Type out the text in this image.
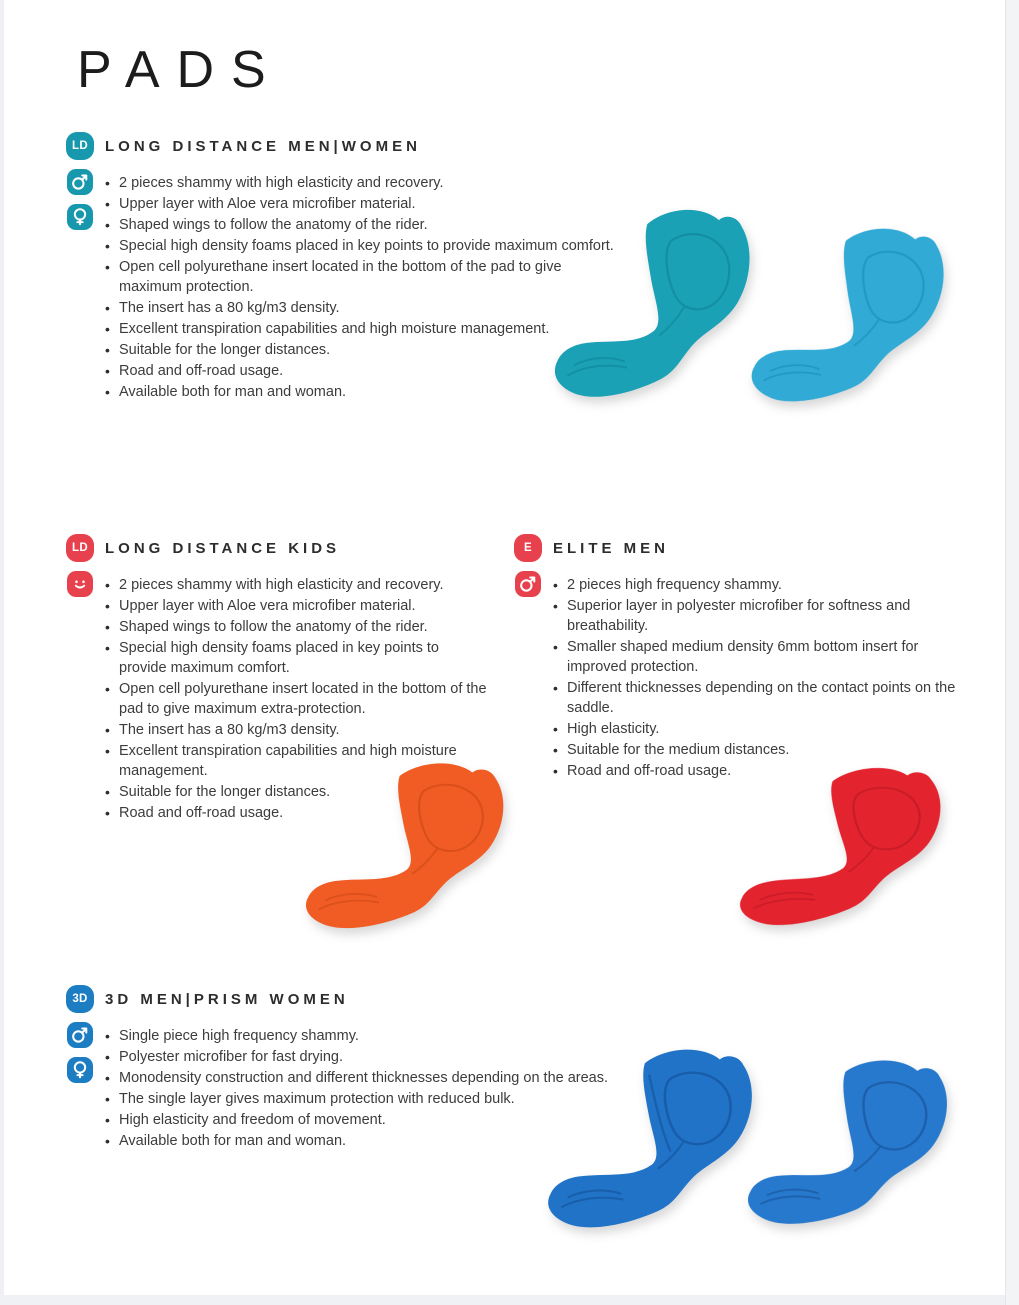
PADS
LD	LONG DISTANCE MEN|WOMEN
• 2 pieces shammy with high elasticity and recovery.
• Upper layer with Aloe vera microfiber material.
• Shaped wings to follow the anatomy of the rider.
• Special high density foams placed in key points to provide maximum comfort.
• Open cell polyurethane insert located in the bottom of the pad to give maximum protection.
• The insert has a 80 kg/m3 density.
• Excellent transpiration capabilities and high moisture management.
• Suitable for the longer distances.
• Road and off-road usage.
• Available both for man and woman.
LD	LONG DISTANCE KIDS
• 2 pieces shammy with high elasticity and recovery.
• Upper layer with Aloe vera microfiber material.
• Shaped wings to follow the anatomy of the rider.
• Special high density foams placed in key points to provide maximum comfort.
• Open cell polyurethane insert located in the bottom of the pad to give maximum extra-protection.
• The insert has a 80 kg/m3 density.
• Excellent transpiration capabilities and high moisture management.
• Suitable for the longer distances.
• Road and off-road usage.
E	ELITE MEN
• 2 pieces high frequency shammy.
• Superior layer in polyester microfiber for softness and breathability.
• Smaller shaped medium density 6mm bottom insert for improved protection.
• Different thicknesses depending on the contact points on the saddle.
• High elasticity.
• Suitable for the medium distances.
• Road and off-road usage.
3D	3D MEN|PRISM WOMEN
• Single piece high frequency shammy.
• Polyester microfiber for fast drying.
• Monodensity construction and different thicknesses depending on the areas.
• The single layer gives maximum protection with reduced bulk.
• High elasticity and freedom of movement.
• Available both for man and woman.
